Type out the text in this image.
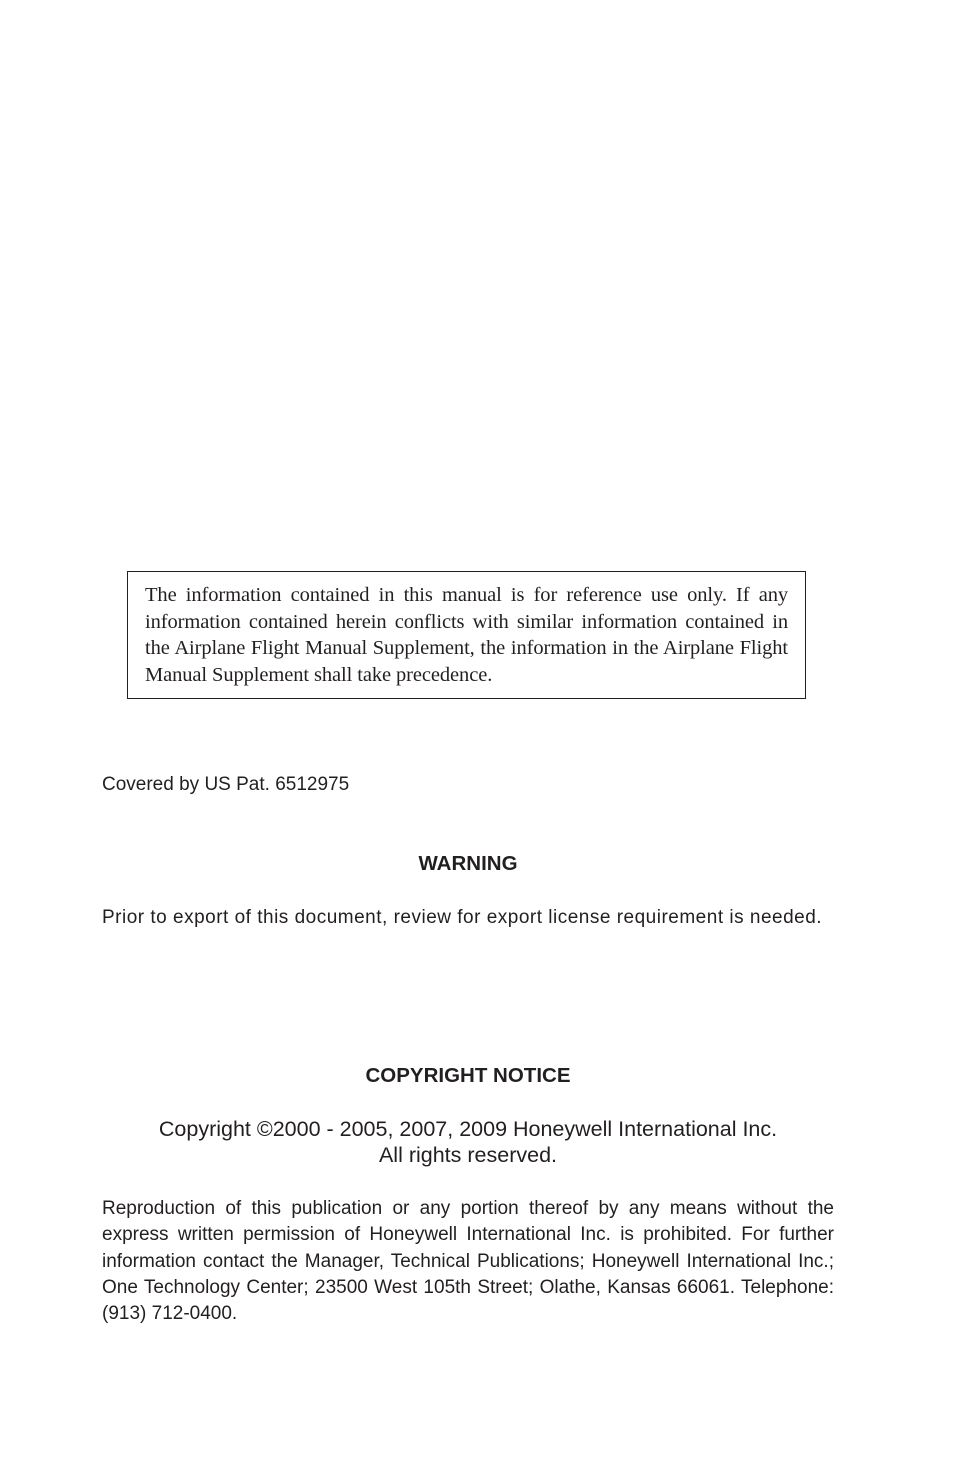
The information contained in this manual is for reference use only. If any information contained herein conflicts with similar information contained in the Airplane Flight Manual Supplement, the information in the Airplane Flight Manual Supplement shall take precedence.
Covered by US Pat. 6512975
WARNING
Prior to export of this document, review for export license requirement is needed.
COPYRIGHT NOTICE
Copyright ©2000 - 2005, 2007, 2009 Honeywell International Inc.
All rights reserved.
Reproduction of this publication or any portion thereof by any means without the express written permission of Honeywell International Inc. is prohibited. For further information contact the Manager, Technical Publications; Honeywell International Inc.; One Technology Center; 23500 West 105th Street; Olathe, Kansas 66061. Telephone: (913) 712-0400.
